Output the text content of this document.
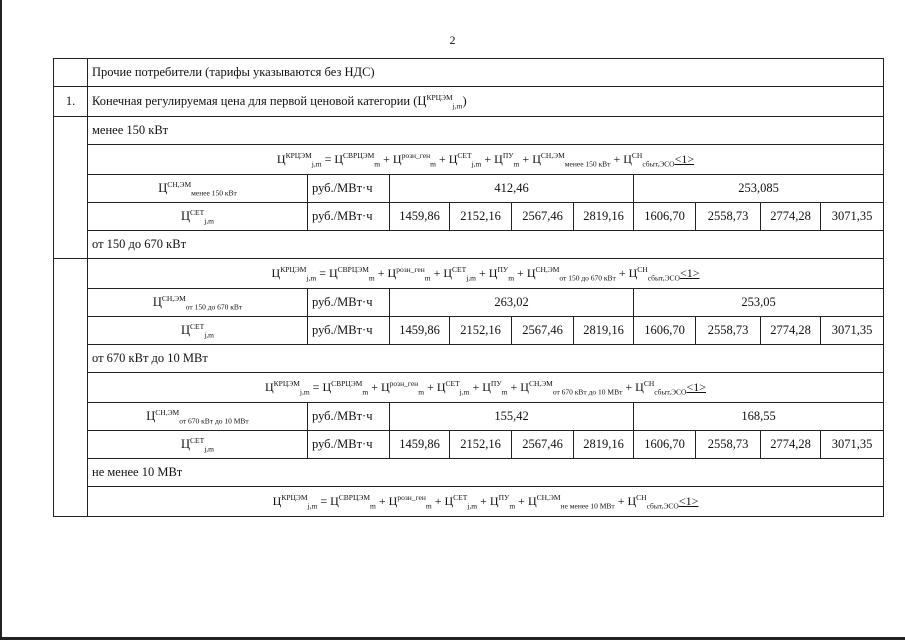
2
	Прочие потребители (тарифы указываются без НДС)									
1.	Конечная регулируемая цена для первой ценовой категории $(Ц^{КРЦЭМ}_{j,m})$									
	менее 150 кВт									
	$Ц^{КРЦЭМ}_{j,m} = Ц^{СВРЦЭМ}_m + Ц^{розн\_ген}_m + Ц^{СЕТ}_{j,m} + Ц^{ПУ}_m + Ц^{СН,ЭМ}_{менее 150 кВт} + Ц^{СН}_{сбыт,ЭСО}<1>$									
	$Ц^{СН,ЭМ}_{менее 150 кВт}$	руб./МВт·ч	412,46				253,085			
	$Ц^{СЕТ}_{j,m}$	руб./МВт·ч	1459,86	2152,16	2567,46	2819,16	1606,70	2558,73	2774,28	3071,35
	от 150 до 670 кВт									
	$Ц^{КРЦЭМ}_{j,m} = Ц^{СВРЦЭМ}_m + Ц^{розн\_ген}_m + Ц^{СЕТ}_{j,m} + Ц^{ПУ}_m + Ц^{СН,ЭМ}_{от 150 до 670 кВт} + Ц^{СН}_{сбыт,ЭСО}<1>$									
	$Ц^{СН,ЭМ}_{от 150 до 670 кВт}$	руб./МВт·ч	263,02				253,05			
	$Ц^{СЕТ}_{j,m}$	руб./МВт·ч	1459,86	2152,16	2567,46	2819,16	1606,70	2558,73	2774,28	3071,35
	от 670 кВт до 10 МВт									
	$Ц^{КРЦЭМ}_{j,m} = Ц^{СВРЦЭМ}_m + Ц^{розн\_ген}_m + Ц^{СЕТ}_{j,m} + Ц^{ПУ}_m + Ц^{СН,ЭМ}_{от 670 кВт до 10 МВт} + Ц^{СН}_{сбыт,ЭСО}<1>$									
	$Ц^{СН,ЭМ}_{от 670 кВт до 10 МВт}$	руб./МВт·ч	155,42				168,55			
	$Ц^{СЕТ}_{j,m}$	руб./МВт·ч	1459,86	2152,16	2567,46	2819,16	1606,70	2558,73	2774,28	3071,35
	не менее 10 МВт									
	$Ц^{КРЦЭМ}_{j,m} = Ц^{СВРЦЭМ}_m + Ц^{розн\_ген}_m + Ц^{СЕТ}_{j,m} + Ц^{ПУ}_m + Ц^{СН,ЭМ}_{не менее 10 МВт} + Ц^{СН}_{сбыт,ЭСО}<1>$									
